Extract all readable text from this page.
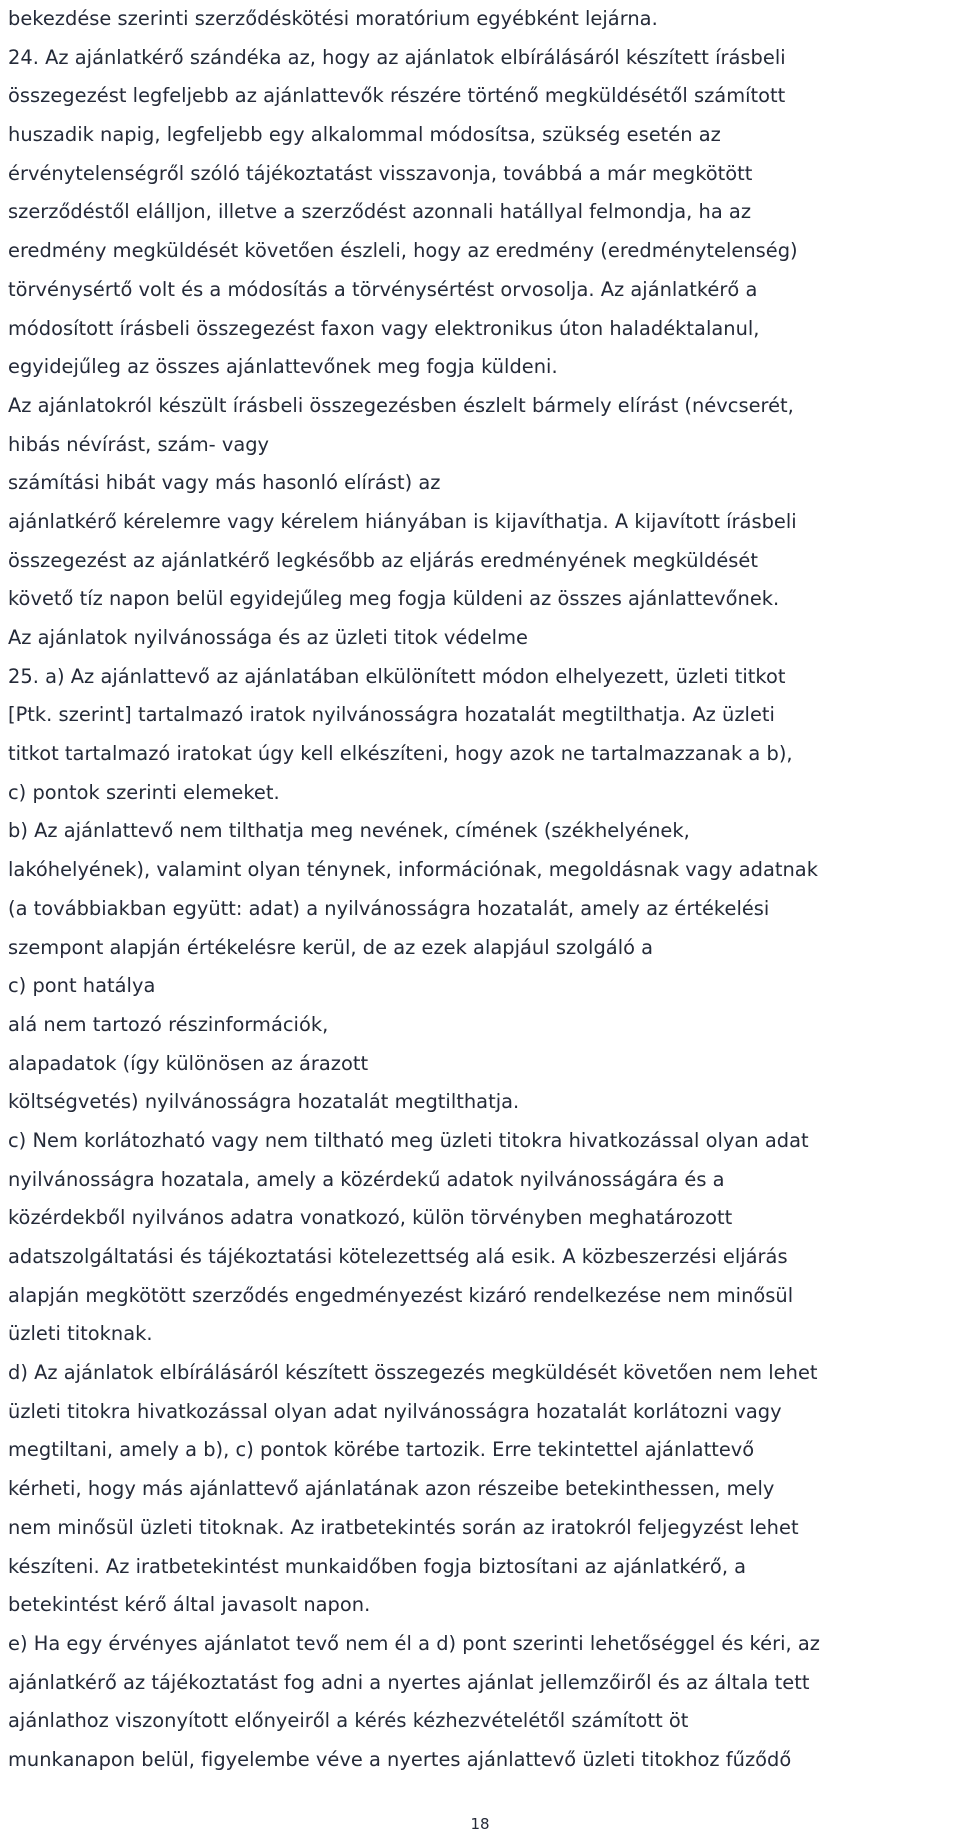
bekezdése szerinti szerződéskötési moratórium egyébként lejárna.
24. Az ajánlatkérő szándéka az, hogy az ajánlatok elbírálásáról készített írásbeli
összegezést legfeljebb az ajánlattevők részére történő megküldésétől számított
huszadik napig, legfeljebb egy alkalommal módosítsa, szükség esetén az
érvénytelenségről szóló tájékoztatást visszavonja, továbbá a már megkötött
szerződéstől elálljon, illetve a szerződést azonnali hatállyal felmondja, ha az
eredmény megküldését követően észleli, hogy az eredmény (eredménytelenség)
törvénysértő volt és a módosítás a törvénysértést orvosolja. Az ajánlatkérő a
módosított írásbeli összegezést faxon vagy elektronikus úton haladéktalanul,
egyidejűleg az összes ajánlattevőnek meg fogja küldeni.
Az ajánlatokról készült írásbeli összegezésben észlelt bármely elírást (névcserét,
hibás névírást, szám- vagy
számítási hibát vagy más hasonló elírást) az
ajánlatkérő kérelemre vagy kérelem hiányában is kijavíthatja. A kijavított írásbeli
összegezést az ajánlatkérő legkésőbb az eljárás eredményének megküldését
követő tíz napon belül egyidejűleg meg fogja küldeni az összes ajánlattevőnek.
Az ajánlatok nyilvánossága és az üzleti titok védelme
25. a) Az ajánlattevő az ajánlatában elkülönített módon elhelyezett, üzleti titkot
[Ptk. szerint] tartalmazó iratok nyilvánosságra hozatalát megtilthatja. Az üzleti
titkot tartalmazó iratokat úgy kell elkészíteni, hogy azok ne tartalmazzanak a b),
c) pontok szerinti elemeket.
b) Az ajánlattevő nem tilthatja meg nevének, címének (székhelyének,
lakóhelyének), valamint olyan ténynek, információnak, megoldásnak vagy adatnak
(a továbbiakban együtt: adat) a nyilvánosságra hozatalát, amely az értékelési
szempont alapján értékelésre kerül, de az ezek alapjául szolgáló a
c) pont hatálya
alá nem tartozó részinformációk,
alapadatok (így különösen az árazott
költségvetés) nyilvánosságra hozatalát megtilthatja.
c) Nem korlátozható vagy nem tiltható meg üzleti titokra hivatkozással olyan adat
nyilvánosságra hozatala, amely a közérdekű adatok nyilvánosságára és a
közérdekből nyilvános adatra vonatkozó, külön törvényben meghatározott
adatszolgáltatási és tájékoztatási kötelezettség alá esik. A közbeszerzési eljárás
alapján megkötött szerződés engedményezést kizáró rendelkezése nem minősül
üzleti titoknak.
d) Az ajánlatok elbírálásáról készített összegezés megküldését követően nem lehet
üzleti titokra hivatkozással olyan adat nyilvánosságra hozatalát korlátozni vagy
megtiltani, amely a b), c) pontok körébe tartozik. Erre tekintettel ajánlattevő
kérheti, hogy más ajánlattevő ajánlatának azon részeibe betekinthessen, mely
nem minősül üzleti titoknak. Az iratbetekintés során az iratokról feljegyzést lehet
készíteni. Az iratbetekintést munkaidőben fogja biztosítani az ajánlatkérő, a
betekintést kérő által javasolt napon.
e) Ha egy érvényes ajánlatot tevő nem él a d) pont szerinti lehetőséggel és kéri, az
ajánlatkérő az tájékoztatást fog adni a nyertes ajánlat jellemzőiről és az általa tett
ajánlathoz viszonyított előnyeiről a kérés kézhezvételétől számított öt
munkanapon belül, figyelembe véve a nyertes ajánlattevő üzleti titokhoz fűződő
18
